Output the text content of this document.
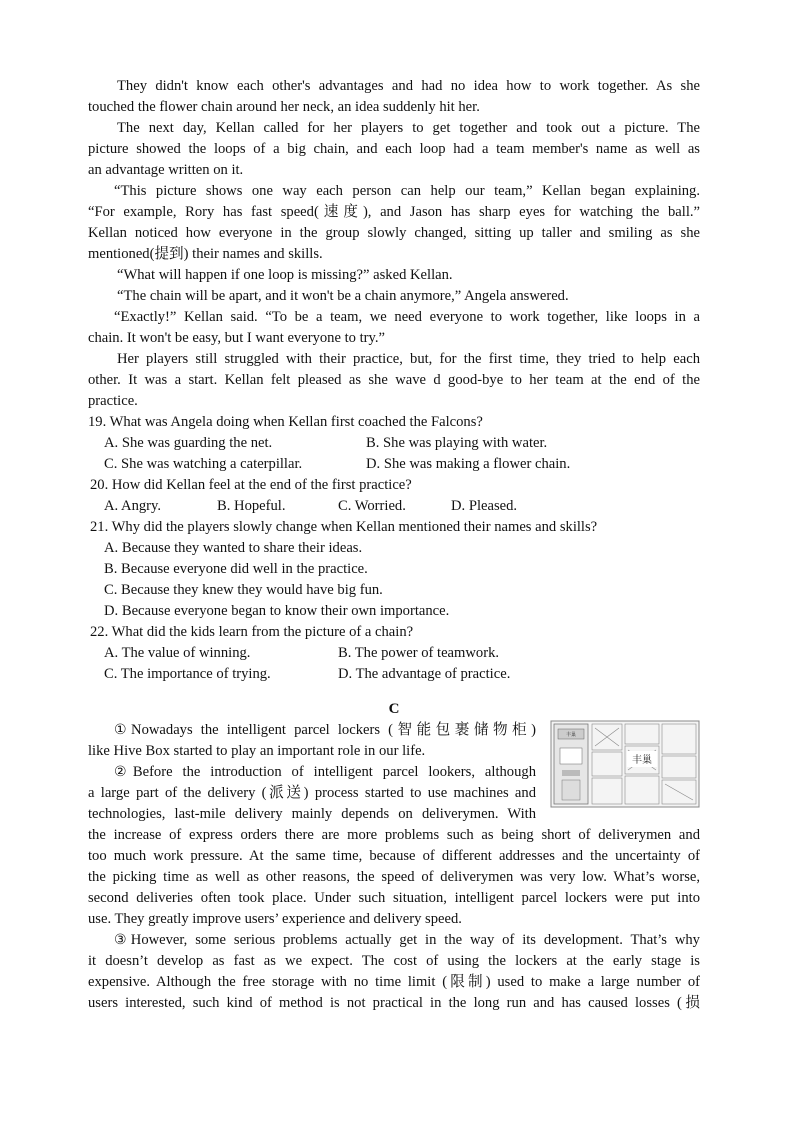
They didn't know each other's advantages and had no idea how to work together. As she
touched the flower chain around her neck, an idea suddenly hit her.
The next day, Kellan called for her players to get together and took out a picture. The
picture showed the loops of a big chain, and each loop had a team member's name as well as
an advantage written on it.
“This picture shows one way each person can help our team,” Kellan began explaining.
“For example, Rory has fast speed(速度), and Jason has sharp eyes for watching the ball.”
Kellan noticed how everyone in the group slowly changed, sitting up taller and smiling as she
mentioned(提到) their names and skills.
“What will happen if one loop is missing?” asked Kellan.
“The chain will be apart, and it won't be a chain anymore,” Angela answered.
“Exactly!” Kellan said. “To be a team, we need everyone to work together, like loops in a
chain. It won't be easy, but I want everyone to try.”
Her players still struggled with their practice, but, for the first time, they tried to help each
other. It was a start. Kellan felt pleased as she wave d good-bye to her team at the end of the
practice.
19. What was Angela doing when Kellan first coached the Falcons?
A. She was guarding the net.	B. She was playing with water.
C. She was watching a caterpillar.	D. She was making a flower chain.
20. How did Kellan feel at the end of the first practice?
A. Angry.	B. Hopeful.	C. Worried.	D. Pleased.
21. Why did the players slowly change when Kellan mentioned their names and skills?
A. Because they wanted to share their ideas.
B. Because everyone did well in the practice.
C. Because they knew they would have big fun.
D. Because everyone began to know their own importance.
22. What did the kids learn from the picture of a chain?
A. The value of winning.	B. The power of teamwork.
C. The importance of trying.	D. The advantage of practice.
C
丰巢
丰巢
①Nowadays the intelligent parcel lockers (智能包裹储物柜)
like Hive Box started to play an important role in our life.
②Before the introduction of intelligent parcel lookers, although
a large part of the delivery (派送) process started to use machines and
technologies, last-mile delivery mainly depends on deliverymen. With
the increase of express orders there are more problems such as being short of deliverymen and
too much work pressure. At the same time, because of different addresses and the uncertainty of
the picking time as well as other reasons, the speed of deliverymen was very low. What’s worse,
second deliveries often took place. Under such situation, intelligent parcel lockers were put into
use. They greatly improve users’ experience and delivery speed.
③However, some serious problems actually get in the way of its development. That’s why
it doesn’t develop as fast as we expect. The cost of using the lockers at the early stage is
expensive. Although the free storage with no time limit (限制) used to make a large number of
users interested, such kind of method is not practical in the long run and has caused losses (损
